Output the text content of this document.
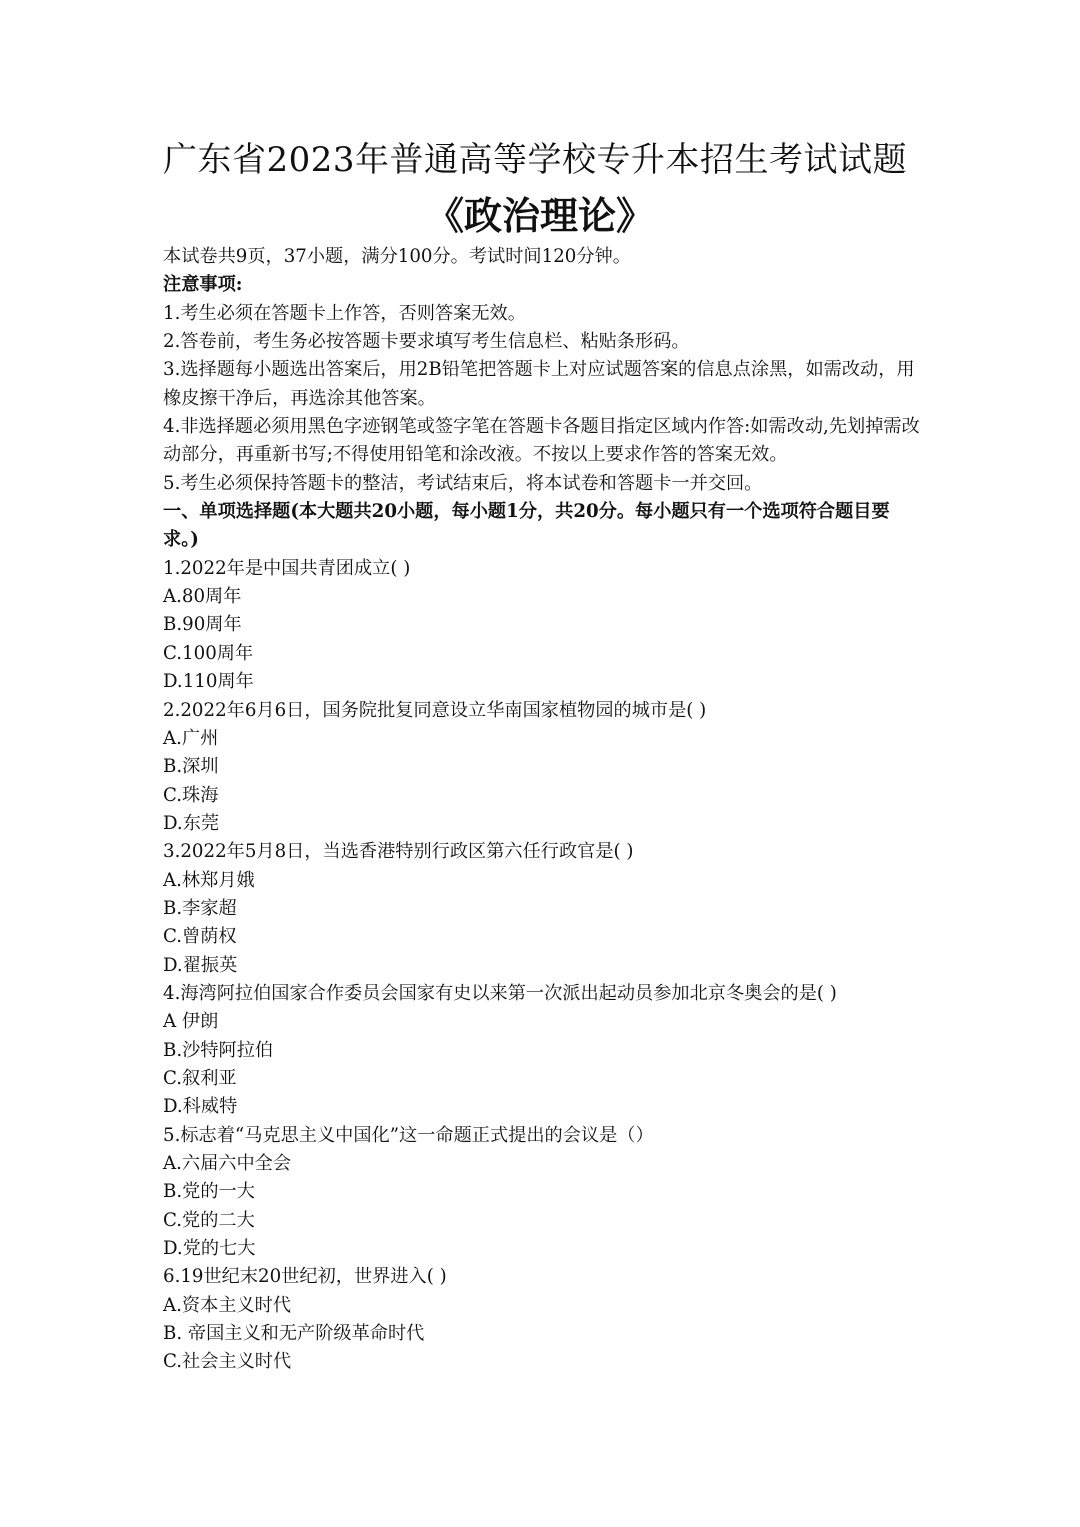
广东省2023年普通高等学校专升本招生考试试题
《政治理论》
本试卷共9页，37小题，满分100分。考试时间120分钟。
注意事项:
1.考生必须在答题卡上作答，否则答案无效。
2.答卷前，考生务必按答题卡要求填写考生信息栏、粘贴条形码。
3.选择题每小题选出答案后，用2B铅笔把答题卡上对应试题答案的信息点涂黑，如需改动，用橡皮擦干净后，再选涂其他答案。
4.非选择题必须用黑色字迹钢笔或签字笔在答题卡各题目指定区域内作答:如需改动,先划掉需改动部分，再重新书写;不得使用铅笔和涂改液。不按以上要求作答的答案无效。
5.考生必须保持答题卡的整洁，考试结束后，将本试卷和答题卡一并交回。
一、单项选择题(本大题共20小题，每小题1分，共20分。每小题只有一个选项符合题目要求。)
1.2022年是中国共青团成立( )
A.80周年
B.90周年
C.100周年
D.110周年
2.2022年6月6日，国务院批复同意设立华南国家植物园的城市是( )
A.广州
B.深圳
C.珠海
D.东莞
3.2022年5月8日，当选香港特别行政区第六任行政官是( )
A.林郑月娥
B.李家超
C.曾荫权
D.翟振英
4.海湾阿拉伯国家合作委员会国家有史以来第一次派出起动员参加北京冬奥会的是( )
A 伊朗
B.沙特阿拉伯
C.叙利亚
D.科威特
5.标志着“马克思主义中国化”这一命题正式提出的会议是（）
A.六届六中全会
B.党的一大
C.党的二大
D.党的七大
6.19世纪末20世纪初，世界进入( )
A.资本主义时代
B. 帝国主义和无产阶级革命时代
C.社会主义时代
